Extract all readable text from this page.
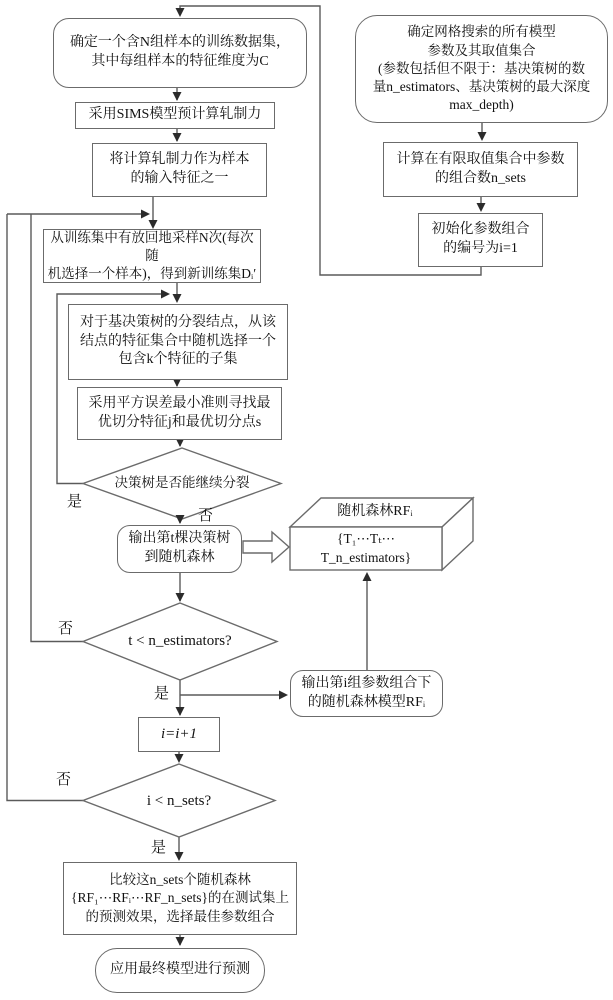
确定一个含N组样本的训练数据集，
其中每组样本的特征维度为C
采用SIMS模型预计算轧制力
将计算轧制力作为样本
的输入特征之一
从训练集中有放回地采样N次(每次随
机选择一个样本)，得到新训练集Dᵢ′
对于基决策树的分裂结点，从该
结点的特征集合中随机选择一个
包含k个特征的子集
采用平方误差最小准则寻找最
优切分特征j和最优切分点s
决策树是否能继续分裂
输出第t棵决策树
到随机森林
t < n_estimators?
i=i+1
i < n_sets?
比较这n_sets个随机森林
{RF₁⋯RFᵢ⋯RF_n_sets}的在测试集上
的预测效果，选择最佳参数组合
应用最终模型进行预测
确定网格搜索的所有模型
参数及其取值集合
(参数包括但不限于：基决策树的数
量n_estimators、基决策树的最大深度
max_depth)
计算在有限取值集合中参数
的组合数n_sets
初始化参数组合
的编号为i=1
输出第i组参数组合下
的随机森林模型RFᵢ
随机森林RFᵢ
{T₁⋯Tₜ⋯T_n_estimators}
是
否
否
是
否
是
